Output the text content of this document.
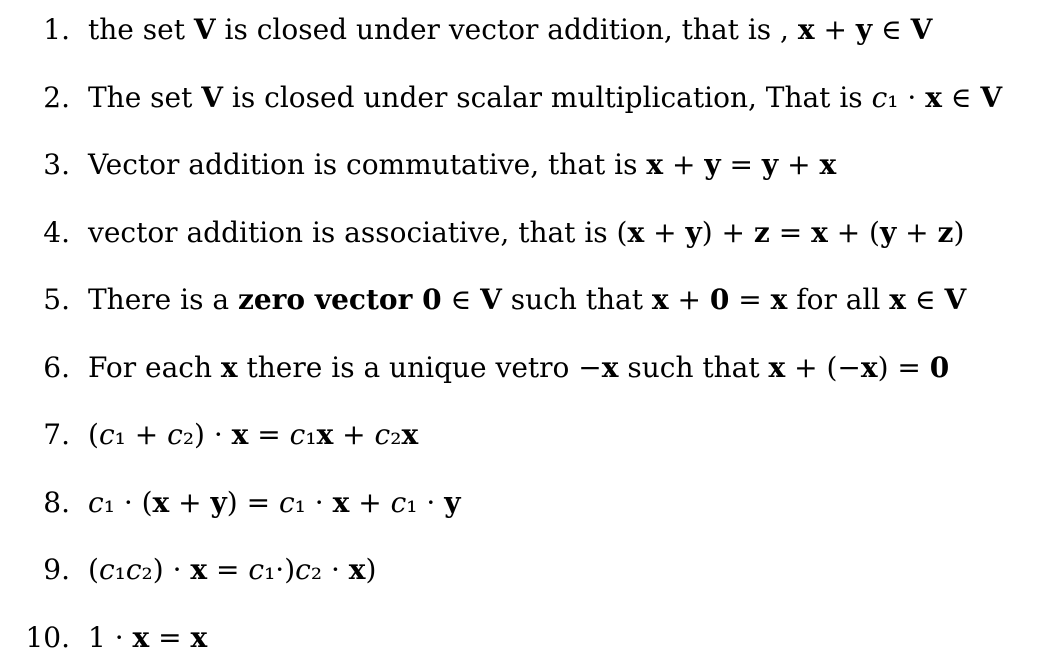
1. the set V is closed under vector addition, that is , x + y ∈ V
2. The set V is closed under scalar multiplication, That is c₁ · x ∈ V
3. Vector addition is commutative, that is x + y = y + x
4. vector addition is associative, that is (x + y) + z = x + (y + z)
5. There is a zero vector 0 ∈ V such that x + 0 = x for all x ∈ V
6. For each x there is a unique vetro −x such that x + (−x) = 0
7. (c₁ + c₂) · x = c₁x + c₂x
8. c₁ · (x + y) = c₁ · x + c₁ · y
9. (c₁c₂) · x = c₁·)c₂ · x)
10. 1 · x = x
